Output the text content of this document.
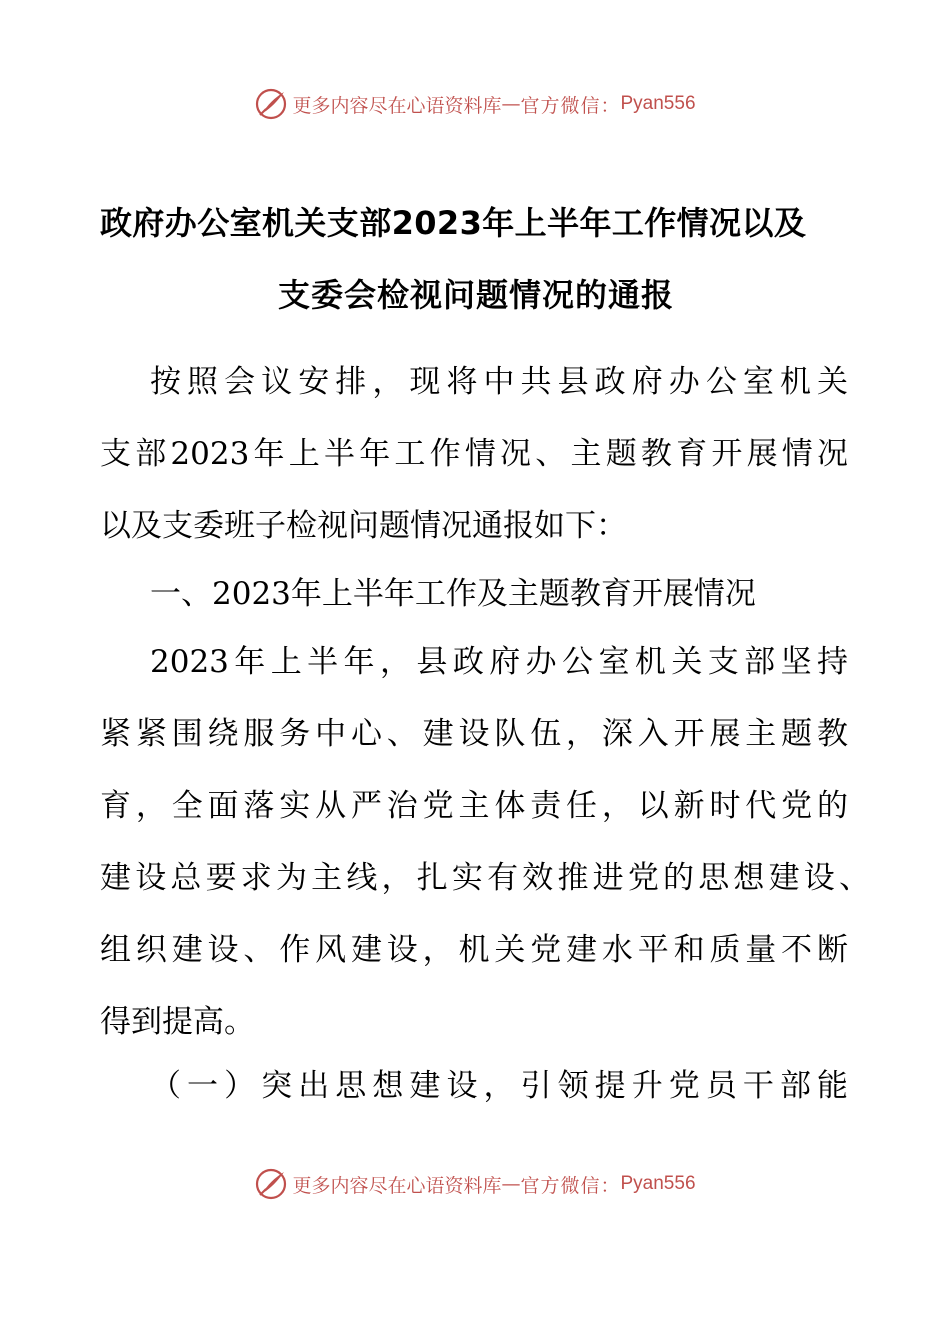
更多内容尽在心语资料库 — 官方微信： Pyan556
政府办公室机关支部2023年上半年工作情况以及
支委会检视问题情况的通报
按照会议安排，现将中共县政府办公室机关
支部2023年上半年工作情况、主题教育开展情况
以及支委班子检视问题情况通报如下：
一、2023年上半年工作及主题教育开展情况
2023年上半年，县政府办公室机关支部坚持
紧紧围绕服务中心、建设队伍，深入开展主题教
育，全面落实从严治党主体责任，以新时代党的
建设总要求为主线，扎实有效推进党的思想建设、
组织建设、作风建设，机关党建水平和质量不断
得到提高。
（一）突出思想建设，引领提升党员干部能
更多内容尽在心语资料库 — 官方微信： Pyan556
